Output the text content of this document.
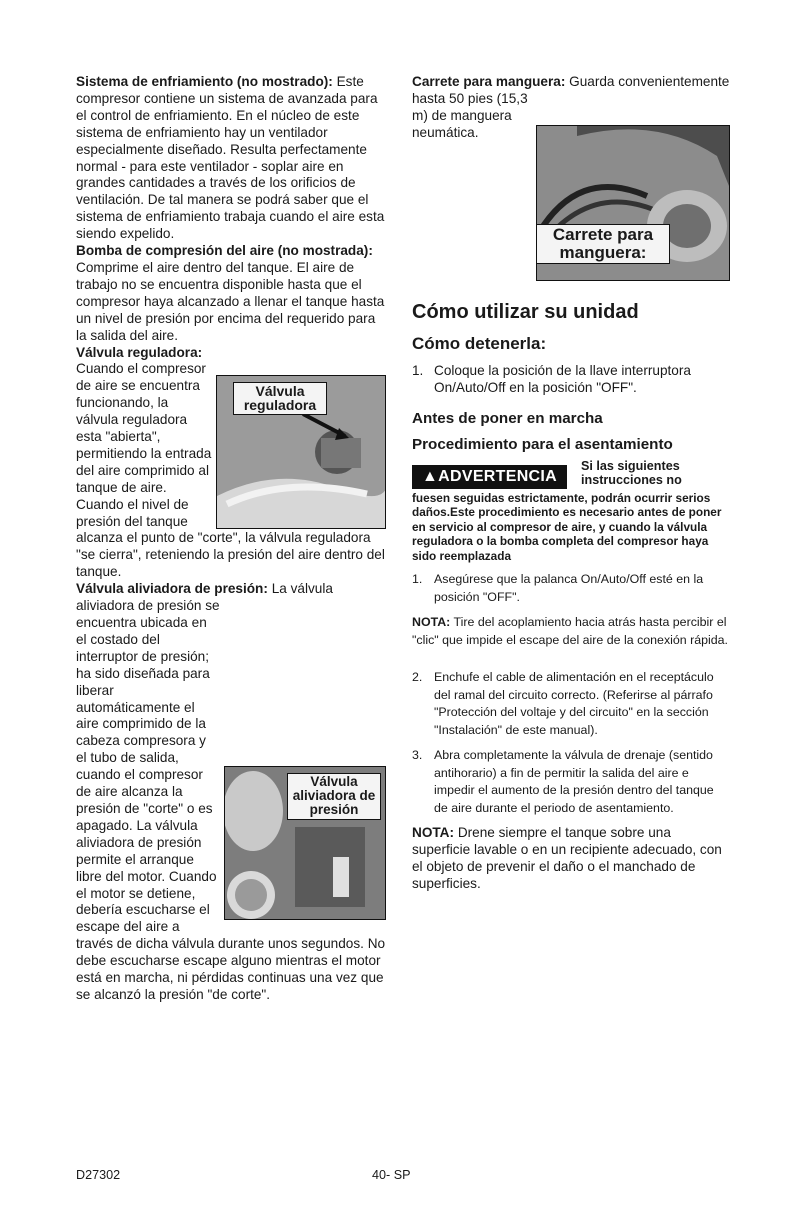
Sistema de enfriamiento (no mostrado): Este compresor contiene un sistema de avanzada para el control de enfriamiento. En el núcleo de este sistema de enfriamiento hay un ventilador especialmente diseñado. Resulta perfectamente normal - para este ventilador - soplar aire en grandes cantidades a través de los orificios de ventilación. De tal manera se podrá saber que el sistema de enfriamiento trabaja cuando el aire esta siendo expelido.

Bomba de compresión del aire (no mostrada): Comprime el aire dentro del tanque. El aire de trabajo no se encuentra disponible hasta que el compresor haya alcanzado a llenar el tanque hasta un nivel de presión por encima del requerido para la salida del aire.

Válvula reguladora:
Válvula reguladora
Cuando el compresor de aire se encuentra funcionando, la válvula reguladora esta "abierta", permitiendo la entrada del aire comprimido al tanque de aire. Cuando el nivel de presión del tanque alcanza el punto de "corte", la válvula reguladora "se cierra", reteniendo la presión del aire dentro del tanque.

Válvula aliviadora de presión:
Válvula aliviadora de presión
La válvula aliviadora de presión se encuentra ubicada en el costado del interruptor de presión; ha sido diseñada para liberar automáticamente el aire comprimido de la cabeza compresora y el tubo de salida, cuando el compresor de aire alcanza la presión de "corte" o es apagado. La válvula aliviadora de presión permite el arranque libre del motor. Cuando el motor se detiene, debería escucharse el escape del aire a través de dicha válvula durante unos segundos. No debe escucharse escape alguno mientras el motor está en marcha, ni pérdidas continuas una vez que se alcanzó la presión "de corte".

Carrete para manguera:
Carrete para manguera:
Guarda convenientemente hasta 50 pies (15,3 m) de manguera neumática.

Cómo utilizar su unidad
Cómo detenerla:
1. Coloque la posición de la llave interruptora On/Auto/Off en la posición "OFF".
Antes de poner en marcha
Procedimiento para el asentamiento
▲ADVERTENCIA
Si las siguientes instrucciones no
fuesen seguidas estrictamente, podrán ocurrir serios daños.Este procedimiento es necesario antes de poner en servicio al compresor de aire, y cuando la válvula reguladora o la bomba completa del compresor haya sido reemplazada
1. Asegúrese que la palanca On/Auto/Off esté en la posición "OFF".

NOTA: Tire del acoplamiento hacia atrás hasta percibir el "clic" que impide el escape del aire de la conexión rápida.

2. Enchufe el cable de alimentación en el receptáculo del ramal del circuito correcto. (Referirse al párrafo "Protección del voltaje y del circuito" en la sección "Instalación" de este manual).
3. Abra completamente la válvula de drenaje (sentido antihorario) a fin de permitir la salida del aire e impedir el aumento de la presión dentro del tanque de aire durante el periodo de asentamiento.

NOTA: Drene siempre el tanque sobre una superficie lavable o en un recipiente adecuado, con el objeto de prevenir el daño o el manchado de superficies.

D27302	40- SP
